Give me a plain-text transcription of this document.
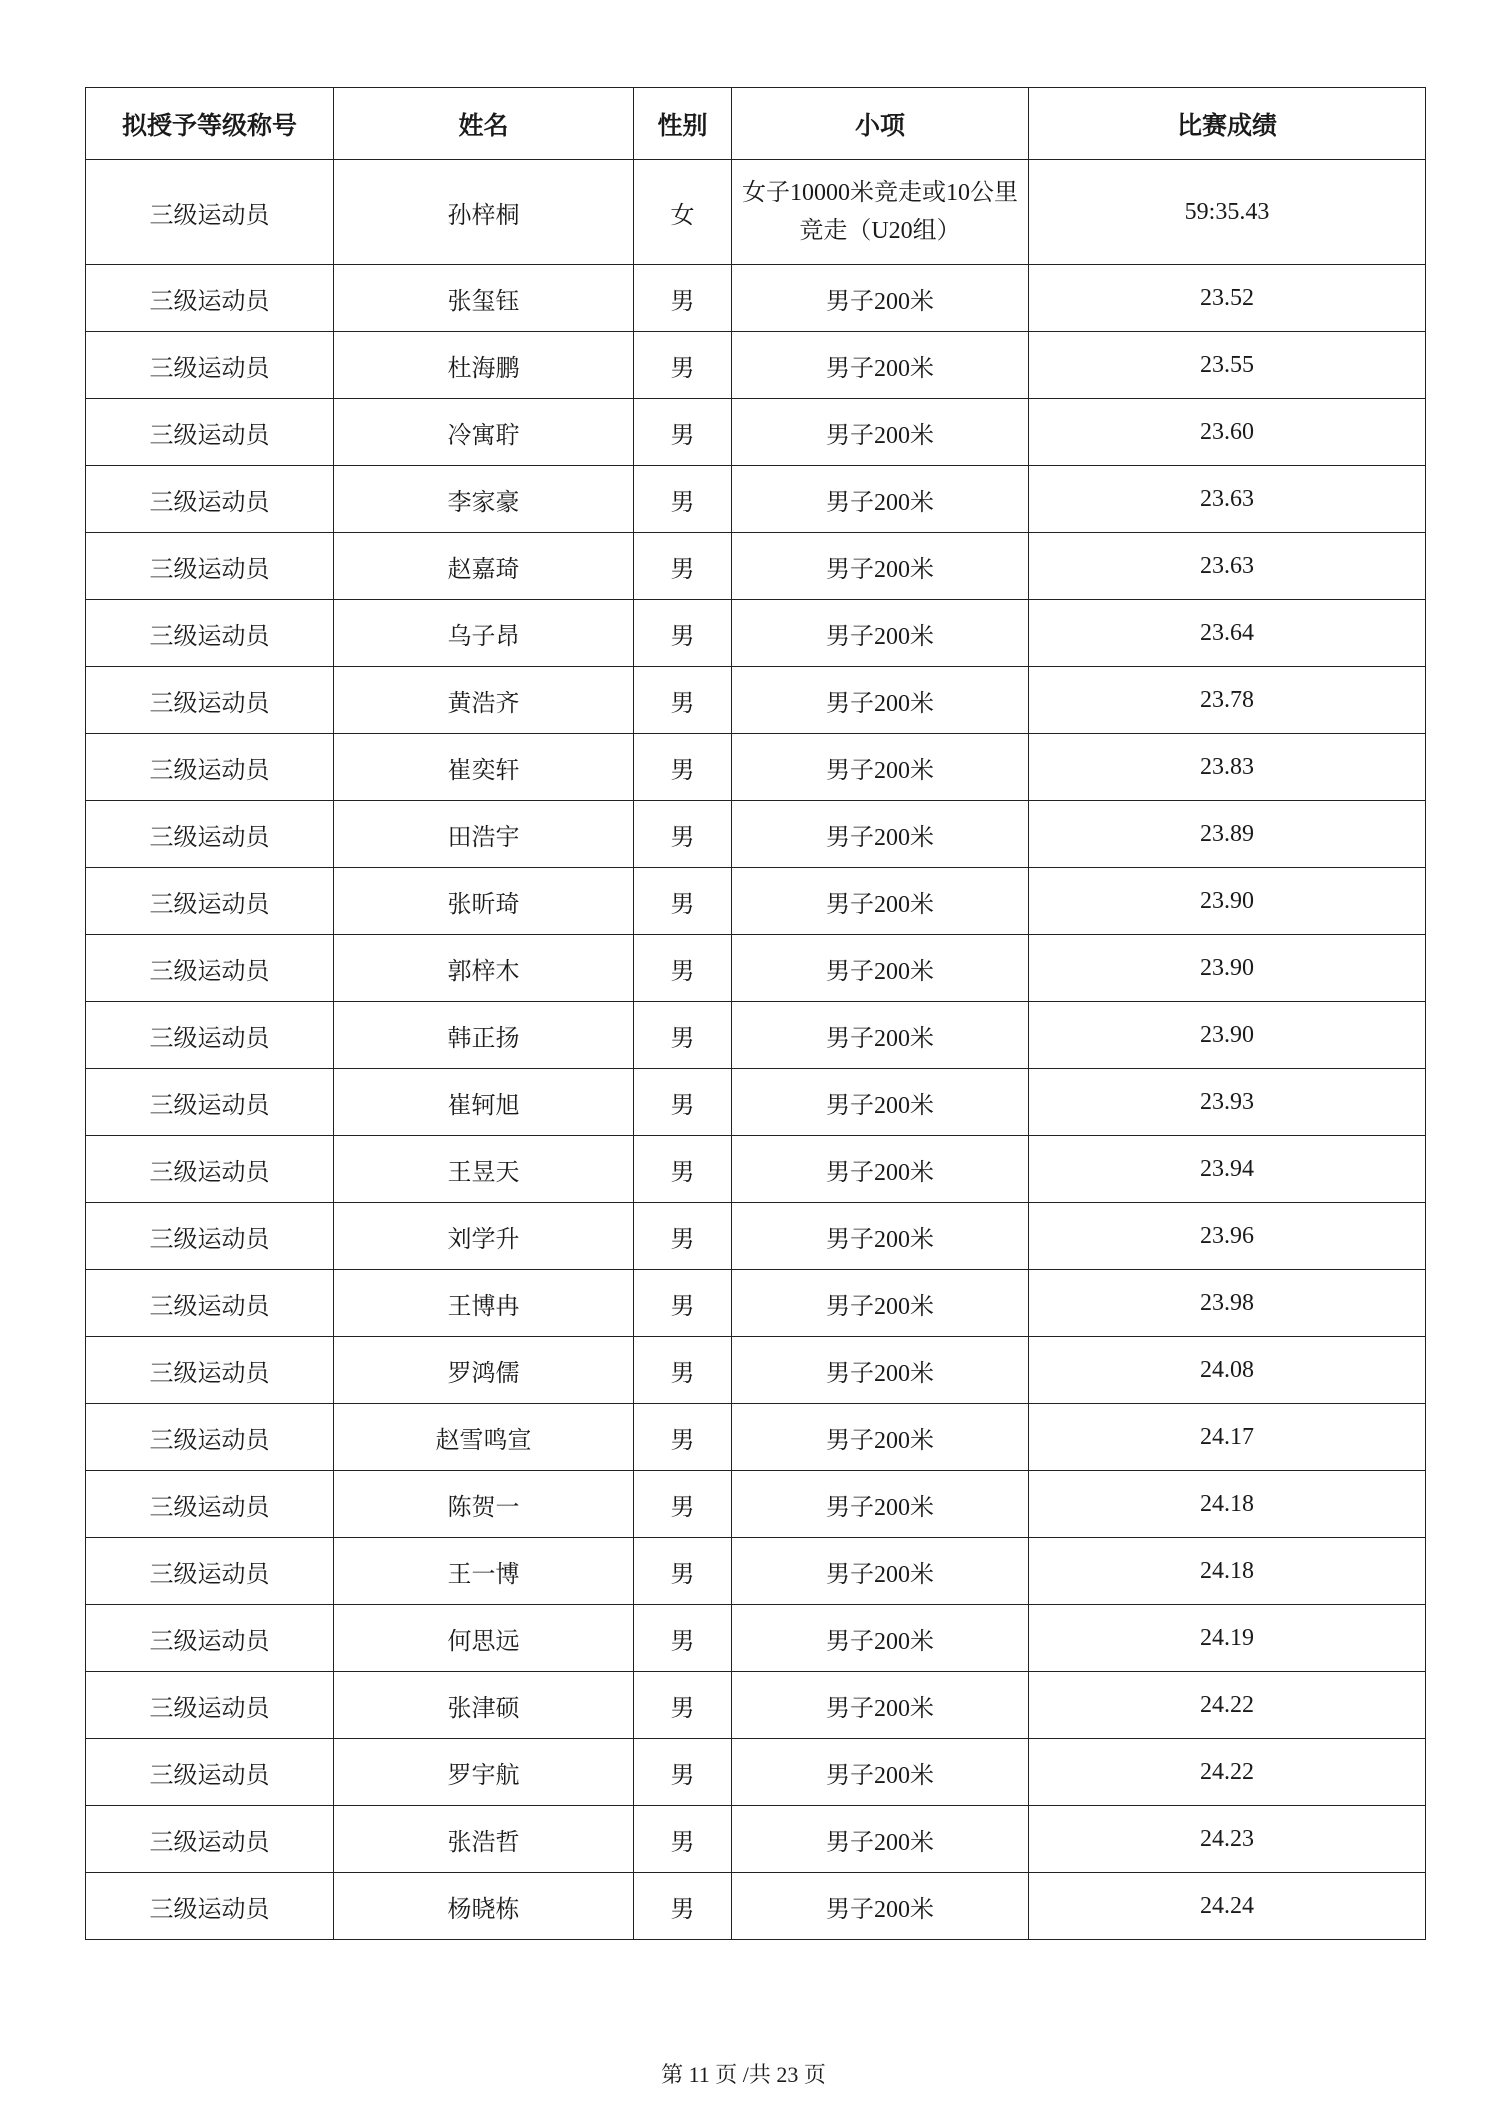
拟授予等级称号	姓名	性别	小项	比赛成绩
三级运动员	孙梓桐	女	女子10000米竞走或10公里竞走（U20组）	59:35.43
三级运动员	张玺钰	男	男子200米	23.52
三级运动员	杜海鹏	男	男子200米	23.55
三级运动员	冷寓聍	男	男子200米	23.60
三级运动员	李家豪	男	男子200米	23.63
三级运动员	赵嘉琦	男	男子200米	23.63
三级运动员	乌子昂	男	男子200米	23.64
三级运动员	黄浩齐	男	男子200米	23.78
三级运动员	崔奕轩	男	男子200米	23.83
三级运动员	田浩宇	男	男子200米	23.89
三级运动员	张昕琦	男	男子200米	23.90
三级运动员	郭梓木	男	男子200米	23.90
三级运动员	韩正扬	男	男子200米	23.90
三级运动员	崔轲旭	男	男子200米	23.93
三级运动员	王昱天	男	男子200米	23.94
三级运动员	刘学升	男	男子200米	23.96
三级运动员	王博冉	男	男子200米	23.98
三级运动员	罗鸿儒	男	男子200米	24.08
三级运动员	赵雪鸣宣	男	男子200米	24.17
三级运动员	陈贺一	男	男子200米	24.18
三级运动员	王一博	男	男子200米	24.18
三级运动员	何思远	男	男子200米	24.19
三级运动员	张津硕	男	男子200米	24.22
三级运动员	罗宇航	男	男子200米	24.22
三级运动员	张浩哲	男	男子200米	24.23
三级运动员	杨晓栋	男	男子200米	24.24
第 11 页 /共 23 页
